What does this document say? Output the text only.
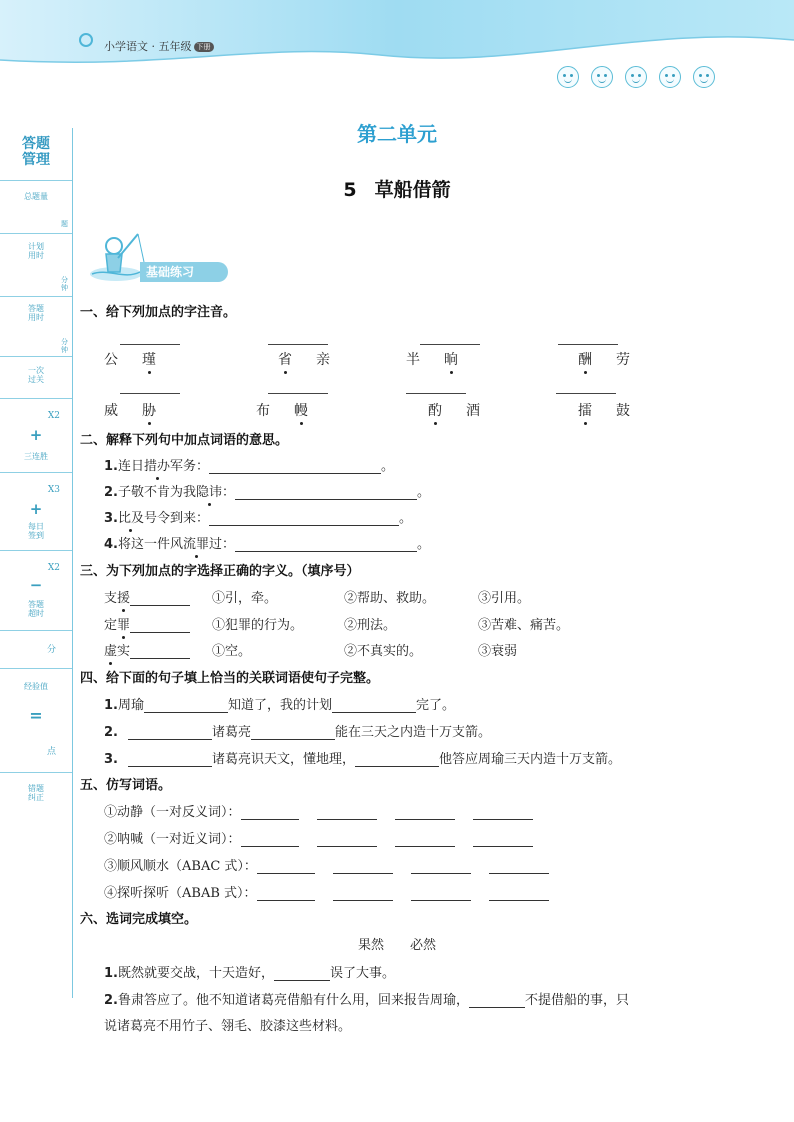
小学语文 · 五年级 下册
答题
管理
总题量
题
计划
用时
分
钟
答题
用时
分
钟
一次
过关
X2
+
三连胜
X3
+
每日
签到
X2
−
答题
超时
分
经验值
=
点
错题
纠正
第二单元
5 草船借箭
基础练习
一、给下列加点的字注音。
公 瑾	省 亲	半 晌	酬 劳
威 胁	布 幔	酌 酒	擂 鼓
二、解释下列句中加点词语的意思。
1.连日措办军务：	。
2.子敬不肯为我隐讳：	。
3.比及号令到来：	。
4.将这一件风流罪过：	。
三、为下列加点的字选择正确的字义。（填序号）
支援	①引，牵。	②帮助、救助。	③引用。
定罪	①犯罪的行为。	②刑法。	③苦难、痛苦。
虚实	①空。	②不真实的。	③衰弱
四、给下面的句子填上恰当的关联词语使句子完整。
1.周瑜	知道了，我的计划	完了。
2.	诸葛亮	能在三天之内造十万支箭。
3.	诸葛亮识天文，懂地理，	他答应周瑜三天内造十万支箭。
五、仿写词语。
①动静（一对反义词）：
②呐喊（一对近义词）：
③顺风顺水（ABAC 式）：
④探听探听（ABAB 式）：
六、选词完成填空。
果然　　必然
1.既然就要交战，十天造好，	误了大事。
2.鲁肃答应了。他不知道诸葛亮借船有什么用，回来报告周瑜，	不提借船的事，只
说诸葛亮不用竹子、翎毛、胶漆这些材料。
